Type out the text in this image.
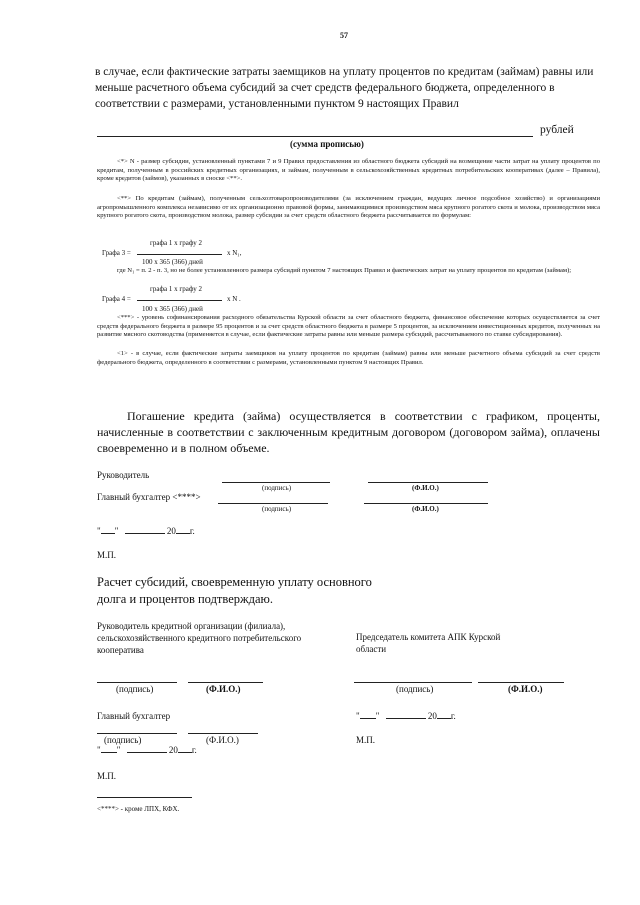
57
в случае, если фактические затраты заемщиков на уплату процентов по кредитам (займам) равны или меньше расчетного объема субсидий за счет средств федерального бюджета, определенного в соответствии с размерами, установленными пунктом 9 настоящих Правил
рублей
(сумма прописью)
<*> N - размер субсидии, установленный пунктами 7 и 9 Правил предоставления из областного бюджета субсидий на возмещение части затрат на уплату процентов по кредитам, полученным в российских кредитных организациях, и займам, полученным в сельскохозяйственных кредитных потребительских кооперативах (далее – Правила), кроме кредитов (займов), указанных в сноске <**>.
<**> По кредитам (займам), полученным сельхозтоваропроизводителями (за исключением граждан, ведущих личное подсобное хозяйство) и организациями агропромышленного комплекса независимо от их организационно правовой формы, занимающимися производством мяса крупного рогатого скота и молока, производством мяса крупного рогатого скота, производством молока, размер субсидии за счет средств областного бюджета рассчитывается по формулам:
графа 1 x графу 2
Графа 3 =	x N₁,
100 x 365 (366) дней
где N₁ = п. 2 - п. 3, но не более установленного размера субсидий пунктом 7 настоящих Правил и фактических затрат на уплату процентов по кредитам (займам);
графа 1 x графу 2
Графа 4 =	x N .
100 x 365 (366) дней
<***> - уровень софинансирования расходного обязательства Курской области за счет областного бюджета, финансовое обеспечение которых осуществляется за счет средств федерального бюджета в размере 95 процентов и за счет средств областного бюджета в размере 5 процентов, за исключением инвестиционных кредитов, полученных на развитие мясного скотоводства (применяется в случае, если фактические затраты равны или меньше размера субсидий, рассчитываемого по ставке субсидирования).
<1> - в случае, если фактические затраты заемщиков на уплату процентов по кредитам (займам) равны или меньше расчетного объема субсидий за счет средств федерального бюджета, определенного в соответствии с размерами, установленными пунктом 9 настоящих Правил.
Погашение кредита (займа) осуществляется в соответствии с графиком, проценты, начисленные в соответствии с заключенным кредитным договором (договором займа), оплачены своевременно и в полном объеме.
Руководитель
(подпись)	(Ф.И.О.)
Главный бухгалтер <****>
(подпись)	(Ф.И.О.)
" "	20 г.
М.П.
Расчет субсидий, своевременную уплату основного долга и процентов подтверждаю.
Руководитель кредитной организации (филиала), сельскохозяйственного кредитного потребительского кооператива
Председатель комитета АПК Курской области
(подпись)	(Ф.И.О.)	(подпись)	(Ф.И.О.)
Главный бухгалтер
(подпись)	(Ф.И.О.)
" "	20 г.
" "	20 г.
М.П.
М.П.
<****> - кроме ЛПХ, КФХ.
